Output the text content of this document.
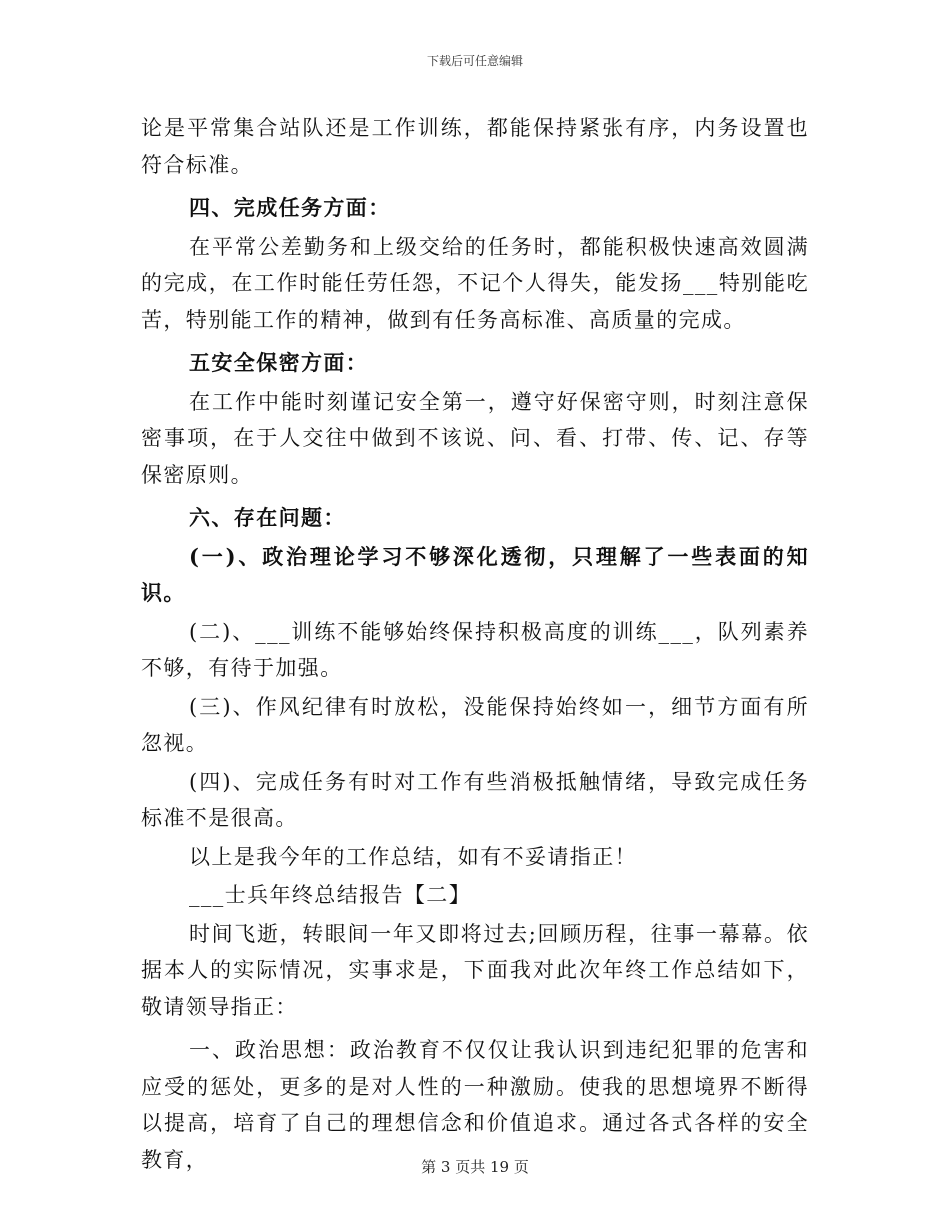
下载后可任意编辑

论是平常集合站队还是工作训练，都能保持紧张有序，内务设置也符合标准。

四、完成任务方面：

在平常公差勤务和上级交给的任务时，都能积极快速高效圆满的完成，在工作时能任劳任怨，不记个人得失，能发扬___特别能吃苦，特别能工作的精神，做到有任务高标准、高质量的完成。

五安全保密方面：

在工作中能时刻谨记安全第一，遵守好保密守则，时刻注意保密事项，在于人交往中做到不该说、问、看、打带、传、记、存等保密原则。

六、存在问题：

(一)、政治理论学习不够深化透彻，只理解了一些表面的知识。

(二)、___训练不能够始终保持积极高度的训练___，队列素养不够，有待于加强。

(三)、作风纪律有时放松，没能保持始终如一，细节方面有所忽视。

(四)、完成任务有时对工作有些消极抵触情绪，导致完成任务标准不是很高。

以上是我今年的工作总结，如有不妥请指正！

___士兵年终总结报告【二】

时间飞逝，转眼间一年又即将过去;回顾历程，往事一幕幕。依据本人的实际情况，实事求是，下面我对此次年终工作总结如下，敬请领导指正：

一、政治思想：政治教育不仅仅让我认识到违纪犯罪的危害和应受的惩处，更多的是对人性的一种激励。使我的思想境界不断得以提高，培育了自己的理想信念和价值追求。通过各式各样的安全教育，	第 3 页共 19 页
